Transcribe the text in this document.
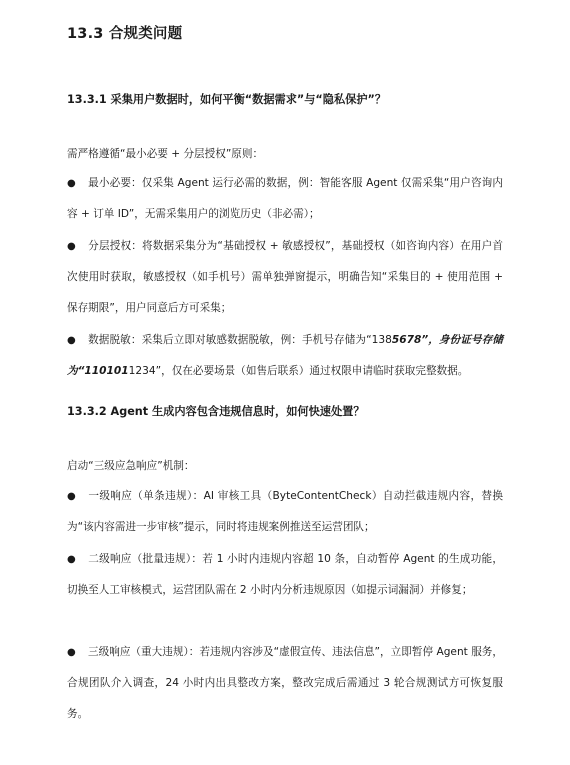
13.3 合规类问题
13.3.1 采集用户数据时，如何平衡“数据需求”与“隐私保护”？
需严格遵循“最小必要 + 分层授权”原则：
● 最小必要：仅采集 Agent 运行必需的数据，例：智能客服 Agent 仅需采集“用户咨询内容 + 订单 ID”，无需采集用户的浏览历史（非必需）；
● 分层授权：将数据采集分为“基础授权 + 敏感授权”，基础授权（如咨询内容）在用户首次使用时获取，敏感授权（如手机号）需单独弹窗提示，明确告知“采集目的 + 使用范围 + 保存期限”，用户同意后方可采集；
● 数据脱敏：采集后立即对敏感数据脱敏，例：手机号存储为“1385678”，身份证号存储为“1101011234”，仅在必要场景（如售后联系）通过权限申请临时获取完整数据。
13.3.2 Agent 生成内容包含违规信息时，如何快速处置？
启动“三级应急响应”机制：
● 一级响应（单条违规）：AI 审核工具（ByteContentCheck）自动拦截违规内容，替换为“该内容需进一步审核”提示，同时将违规案例推送至运营团队；
● 二级响应（批量违规）：若 1 小时内违规内容超 10 条，自动暂停 Agent 的生成功能，切换至人工审核模式，运营团队需在 2 小时内分析违规原因（如提示词漏洞）并修复；
● 三级响应（重大违规）：若违规内容涉及“虚假宣传、违法信息”，立即暂停 Agent 服务，合规团队介入调查，24 小时内出具整改方案，整改完成后需通过 3 轮合规测试方可恢复服务。
